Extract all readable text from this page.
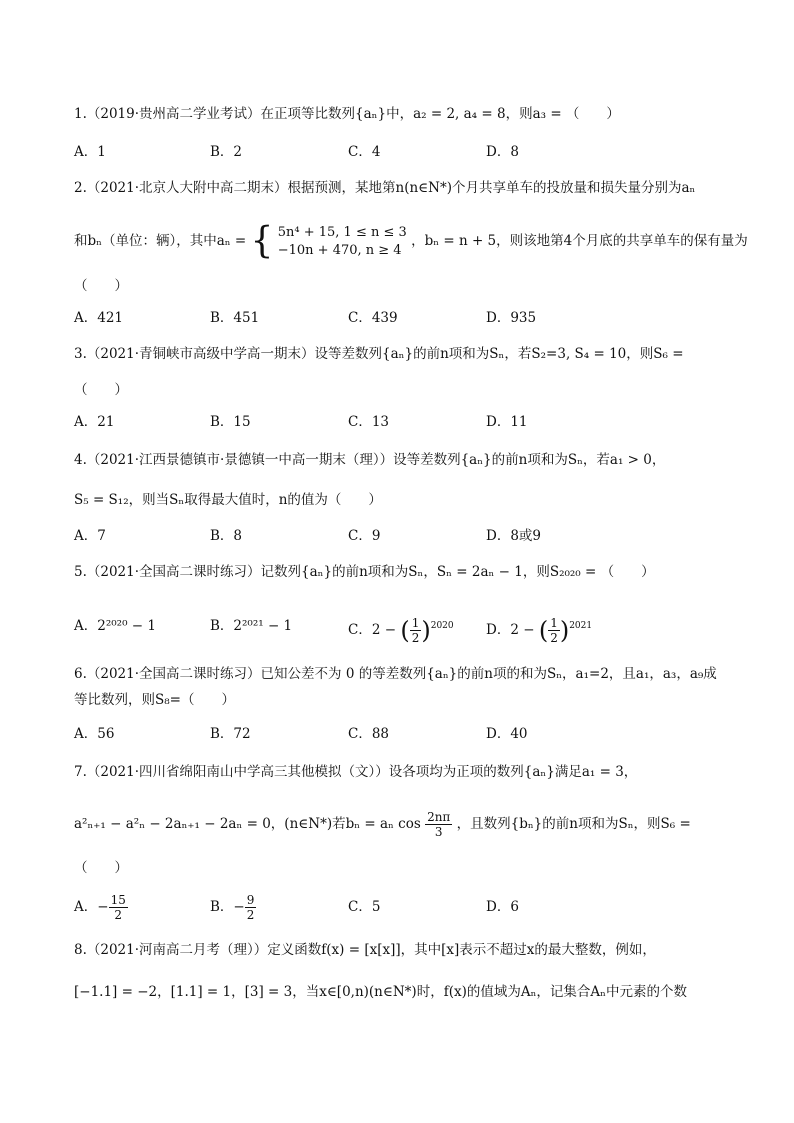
1.（2019·贵州高二学业考试）在正项等比数列{aₙ}中，a₂ = 2, a₄ = 8，则a₃ = （　　）
A．1	B．2	C．4	D．8
2.（2021·北京人大附中高二期末）根据预测，某地第n(n∈N*)个月共享单车的投放量和损失量分别为aₙ
和bₙ（单位：辆），其中aₙ = { 5n⁴ + 15, 1 ≤ n ≤ 3
−10n + 470, n ≥ 4
，bₙ = n + 5，则该地第4个月底的共享单车的保有量为
（　　）
A．421	B．451	C．439	D．935
3.（2021·青铜峡市高级中学高一期末）设等差数列{aₙ}的前n项和为Sₙ，若S₂=3, S₄ = 10，则S₆ =
（　　）
A．21	B．15	C．13	D．11
4.（2021·江西景德镇市·景德镇一中高一期末（理））设等差数列{aₙ}的前n项和为Sₙ，若a₁ > 0，
S₅ = S₁₂，则当Sₙ取得最大值时，n的值为（　　）
A．7	B．8	C．9	D．8或9
5.（2021·全国高二课时练习）记数列{aₙ}的前n项和为Sₙ，Sₙ = 2aₙ − 1，则S₂₀₂₀ = （　　）
A．2²⁰²⁰ − 1	B．2²⁰²¹ − 1	C．2 − ( $\frac{1}{2} )^{2020}$ D．2 − ( $\frac{1}{2} )^{2021}$
6.（2021·全国高二课时练习）已知公差不为 0 的等差数列{aₙ}的前n项的和为Sₙ，a₁=2，且a₁，a₃，a₉成
等比数列，则S₈=（　　）
A．56	B．72	C．88	D．40
7.（2021·四川省绵阳南山中学高三其他模拟（文））设各项均为正项的数列{aₙ}满足a₁ = 3，
a²ₙ₊₁ − a²ₙ − 2aₙ₊₁ − 2aₙ = 0，(n∈N*)若bₙ = aₙ $\cos \frac{2n\pi}{3}$ ，且数列{bₙ}的前n项和为Sₙ，则S₆ =
（　　）
A．− $\frac{15}{2}$	B．− $\frac{9}{2}$	C．5	D．6
8.（2021·河南高二月考（理））定义函数f(x) = [x[x]]，其中[x]表示不超过x的最大整数，例如，
[−1.1] = −2，[1.1] = 1，[3] = 3，当x∈[0,n)(n∈N*)时，f(x)的值域为Aₙ，记集合Aₙ中元素的个数
